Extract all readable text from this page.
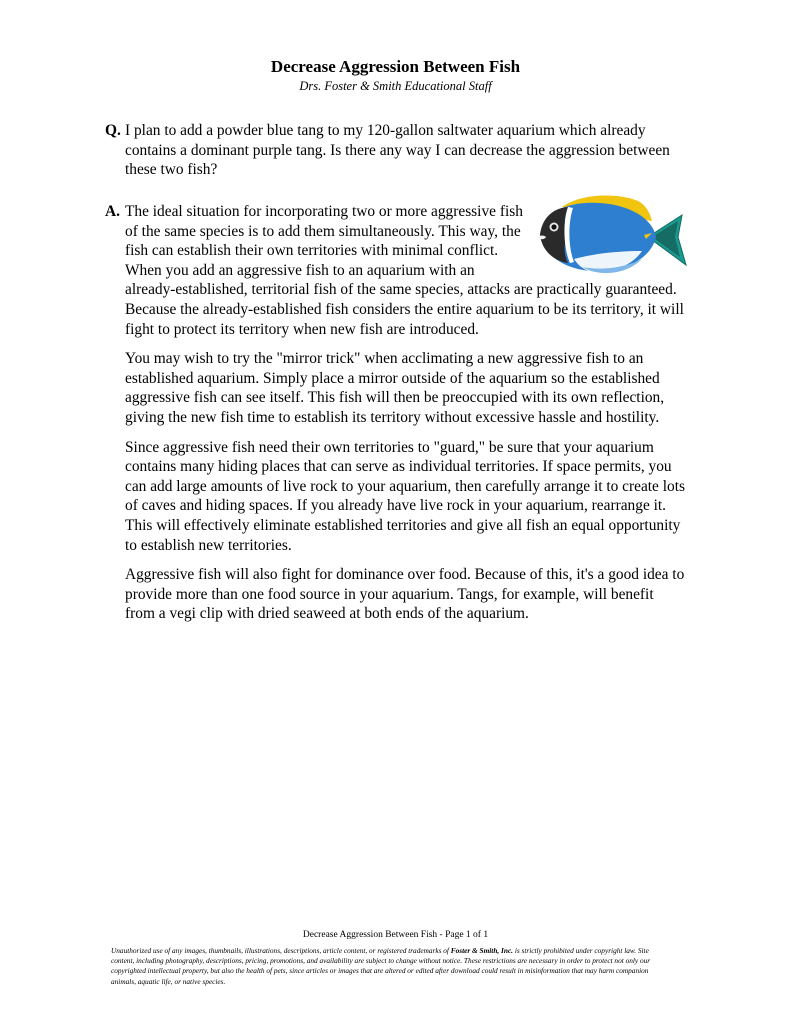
Decrease Aggression Between Fish
Drs. Foster & Smith Educational Staff
Q. I plan to add a powder blue tang to my 120-gallon saltwater aquarium which already contains a dominant purple tang. Is there any way I can decrease the aggression between these two fish?
A. The ideal situation for incorporating two or more aggressive fish of the same species is to add them simultaneously. This way, the fish can establish their own territories with minimal conflict. When you add an aggressive fish to an aquarium with an already-established, territorial fish of the same species, attacks are practically guaranteed. Because the already-established fish considers the entire aquarium to be its territory, it will fight to protect its territory when new fish are introduced.

You may wish to try the "mirror trick" when acclimating a new aggressive fish to an established aquarium. Simply place a mirror outside of the aquarium so the established aggressive fish can see itself. This fish will then be preoccupied with its own reflection, giving the new fish time to establish its territory without excessive hassle and hostility.

Since aggressive fish need their own territories to "guard," be sure that your aquarium contains many hiding places that can serve as individual territories. If space permits, you can add large amounts of live rock to your aquarium, then carefully arrange it to create lots of caves and hiding spaces. If you already have live rock in your aquarium, rearrange it. This will effectively eliminate established territories and give all fish an equal opportunity to establish new territories.

Aggressive fish will also fight for dominance over food. Because of this, it's a good idea to provide more than one food source in your aquarium. Tangs, for example, will benefit from a vegi clip with dried seaweed at both ends of the aquarium.

Decrease Aggression Between Fish - Page 1 of 1
Unauthorized use of any images, thumbnails, illustrations, descriptions, article content, or registered trademarks of Foster & Smith, Inc. is strictly prohibited under copyright law. Site content, including photography, descriptions, pricing, promotions, and availability are subject to change without notice. These restrictions are necessary in order to protect not only our copyrighted intellectual property, but also the health of pets, since articles or images that are altered or edited after download could result in misinformation that may harm companion animals, aquatic life, or native species.
